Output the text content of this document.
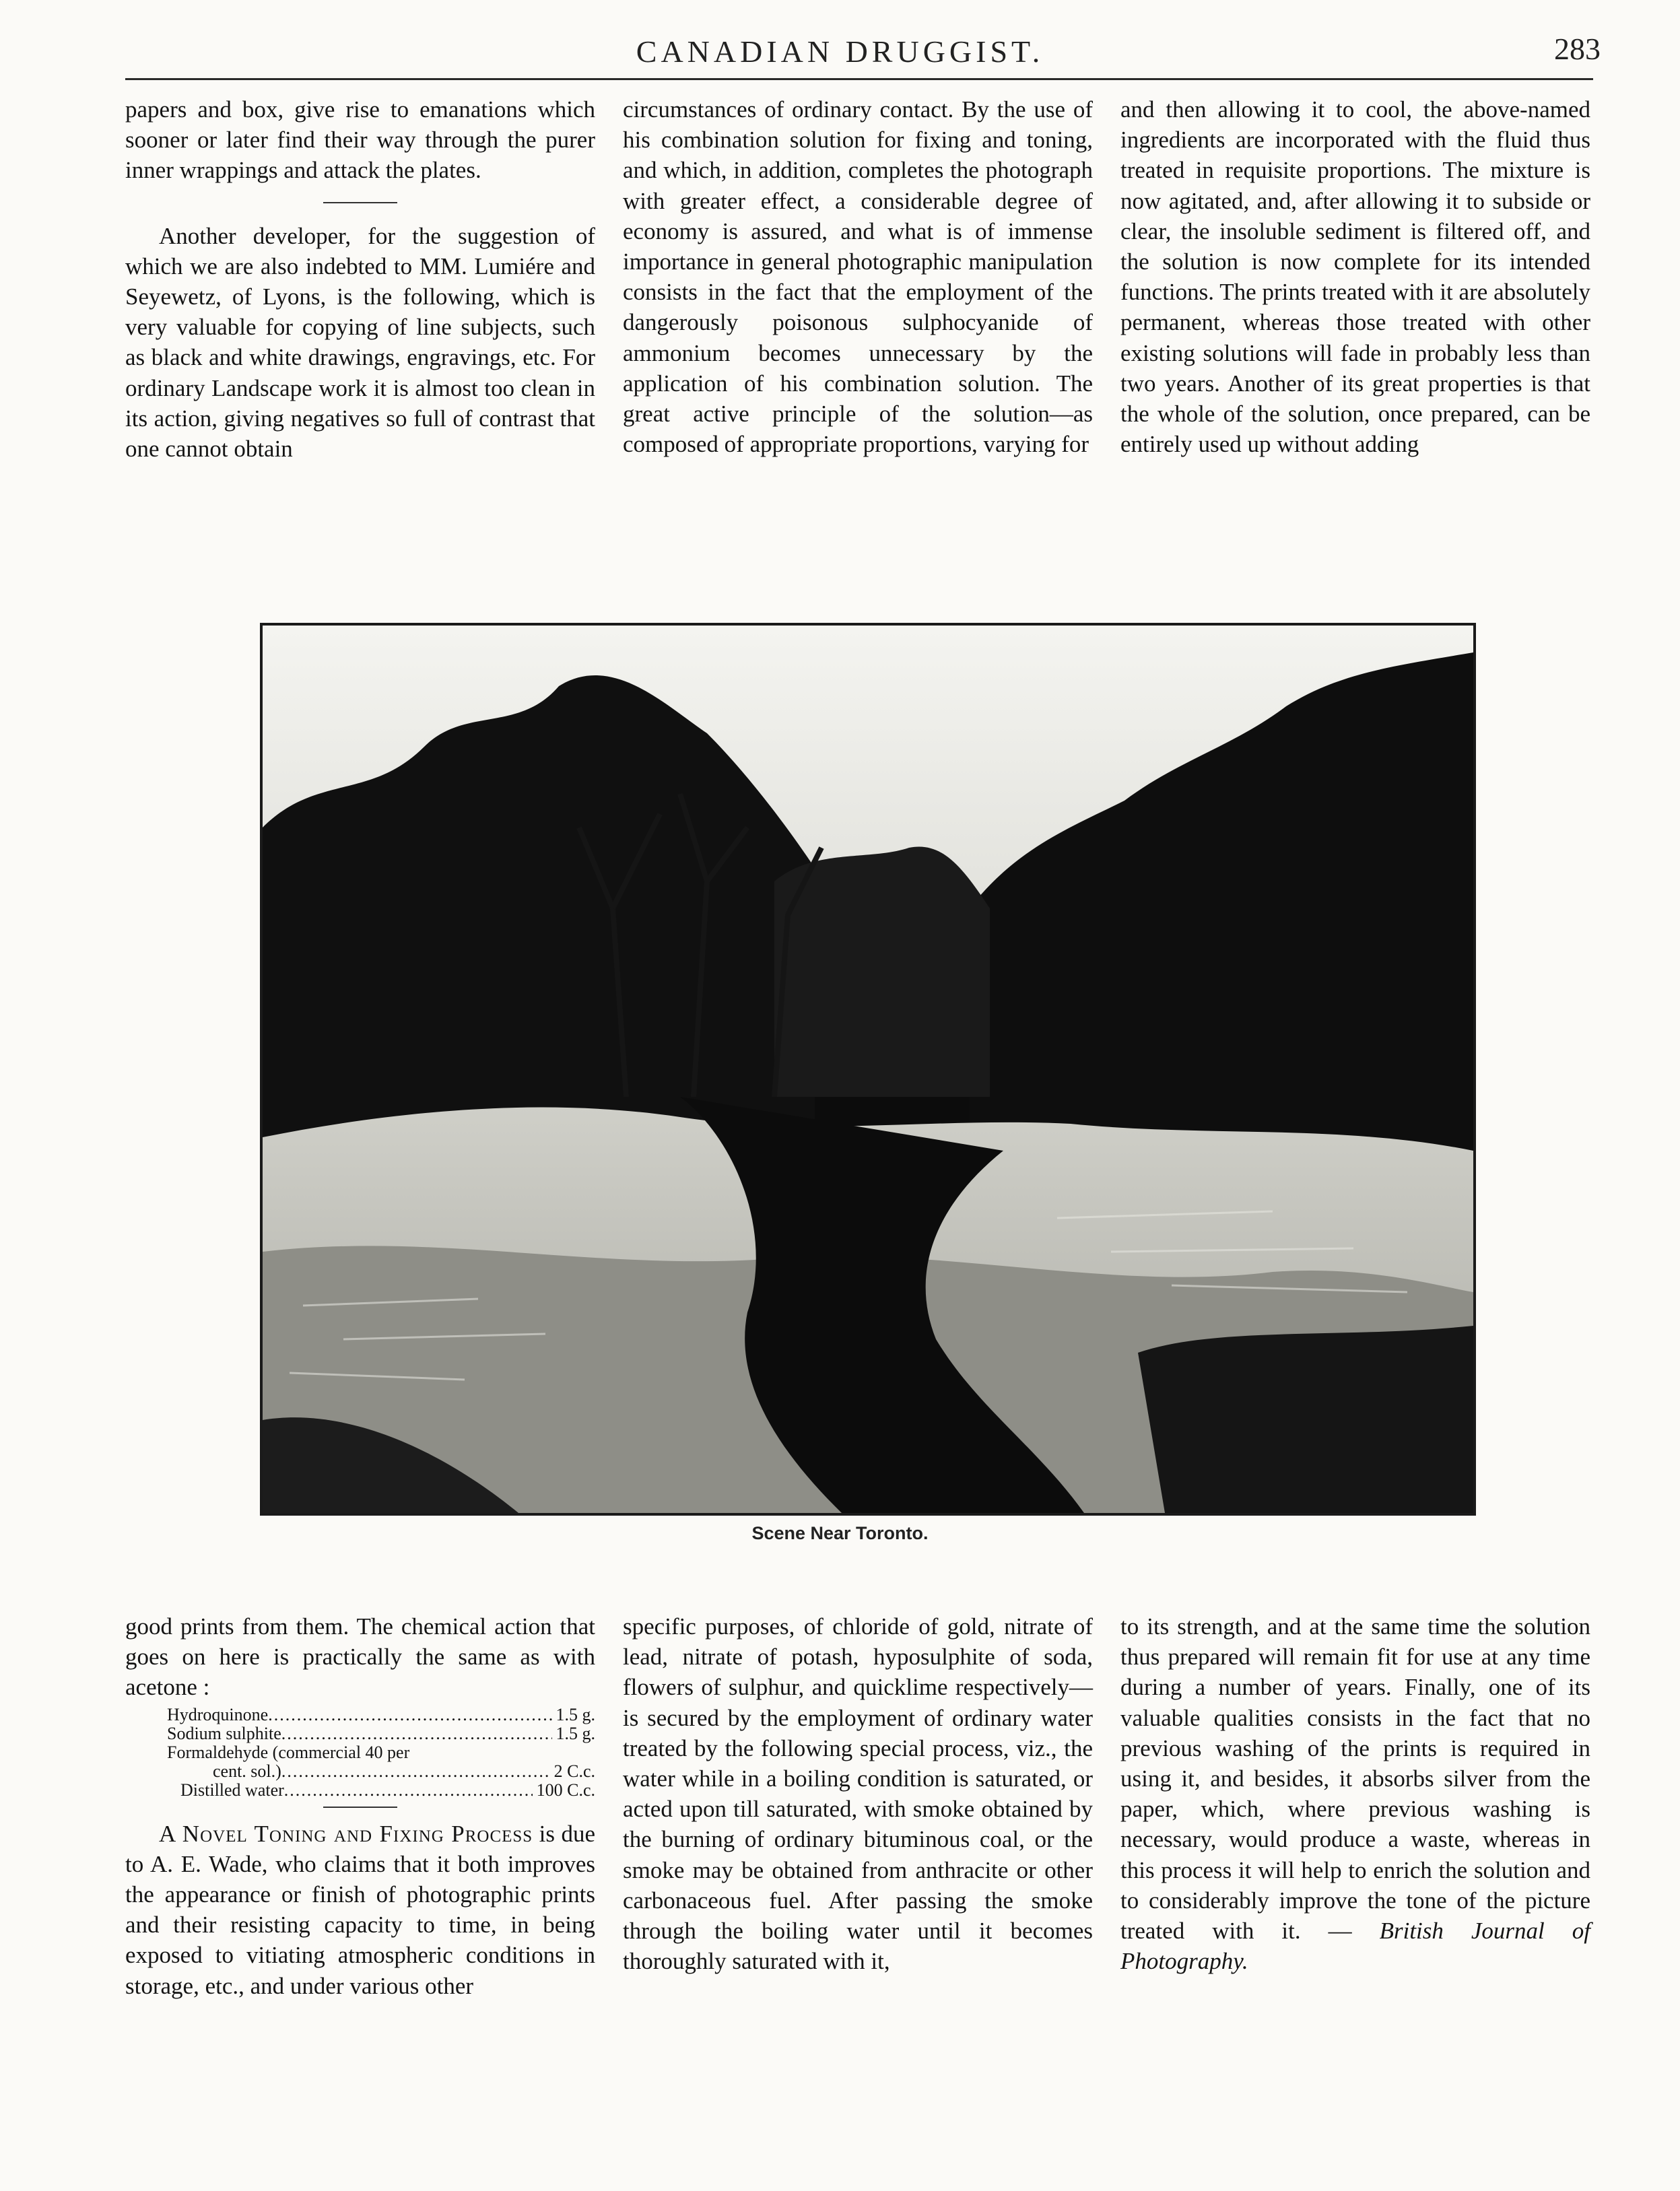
CANADIAN DRUGGIST.	283

papers and box, give rise to emanations which sooner or later find their way through the purer inner wrappings and attack the plates.

Another developer, for the suggestion of which we are also indebted to MM. Lumiére and Seyewetz, of Lyons, is the following, which is very valuable for copying of line subjects, such as black and white drawings, engravings, etc. For ordinary Landscape work it is almost too clean in its action, giving negatives so full of contrast that one cannot obtain

circumstances of ordinary contact. By the use of his combination solution for fixing and toning, and which, in addition, completes the photograph with greater effect, a considerable degree of economy is assured, and what is of immense importance in general photographic manipulation consists in the fact that the employment of the dangerously poisonous sulphocyanide of ammonium becomes unnecessary by the application of his combination solution. The great active principle of the solution—as composed of appropriate proportions, varying for

and then allowing it to cool, the above-named ingredients are incorporated with the fluid thus treated in requisite proportions. The mixture is now agitated, and, after allowing it to subside or clear, the insoluble sediment is filtered off, and the solution is now complete for its intended functions. The prints treated with it are absolutely permanent, whereas those treated with other existing solutions will fade in probably less than two years. Another of its great properties is that the whole of the solution, once prepared, can be entirely used up without adding

Scene Near Toronto.

good prints from them. The chemical action that goes on here is practically the same as with acetone :

Hydroquinone .....	1.5 g.
Sodium sulphite .....	1.5 g.
Formaldehyde (commercial 40 per
cent. sol.) .....	2 C.c.
Distilled water .....	100 C.c.

A Novel Toning and Fixing Process is due to A. E. Wade, who claims that it both improves the appearance or finish of photographic prints and their resisting capacity to time, in being exposed to vitiating atmospheric conditions in storage, etc., and under various other

specific purposes, of chloride of gold, nitrate of lead, nitrate of potash, hyposulphite of soda, flowers of sulphur, and quicklime respectively—is secured by the employment of ordinary water treated by the following special process, viz., the water while in a boiling condition is saturated, or acted upon till saturated, with smoke obtained by the burning of ordinary bituminous coal, or the smoke may be obtained from anthracite or other carbonaceous fuel. After passing the smoke through the boiling water until it becomes thoroughly saturated with it,

to its strength, and at the same time the solution thus prepared will remain fit for use at any time during a number of years. Finally, one of its valuable qualities consists in the fact that no previous washing of the prints is required in using it, and besides, it absorbs silver from the paper, which, where previous washing is necessary, would produce a waste, whereas in this process it will help to enrich the solution and to considerably improve the tone of the picture treated with it. — British Journal of Photography.
